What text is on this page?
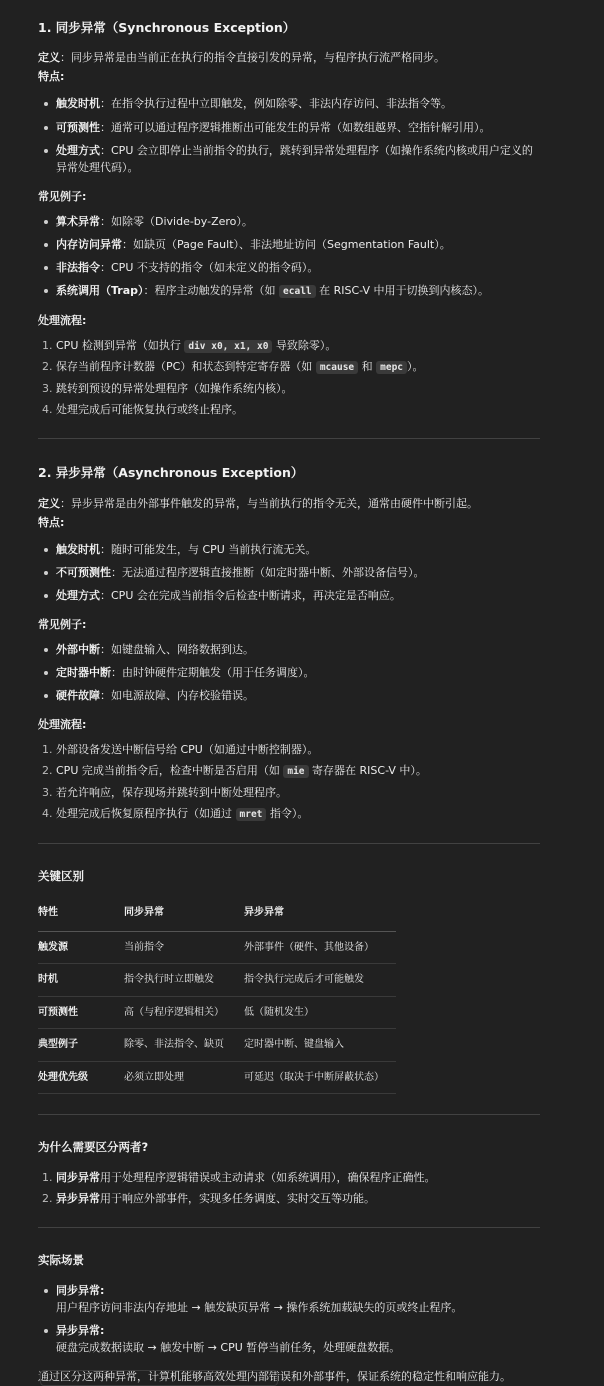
1. 同步异常（Synchronous Exception）

定义：同步异常是由当前正在执行的指令直接引发的异常，与程序执行流严格同步。

特点:

触发时机：在指令执行过程中立即触发，例如除零、非法内存访问、非法指令等。
可预测性：通常可以通过程序逻辑推断出可能发生的异常（如数组越界、空指针解引用）。
处理方式：CPU 会立即停止当前指令的执行，跳转到异常处理程序（如操作系统内核或用户定义的异常处理代码）。

常见例子:

算术异常：如除零（Divide-by-Zero）。
内存访问异常：如缺页（Page Fault）、非法地址访问（Segmentation Fault）。
非法指令：CPU 不支持的指令（如未定义的指令码）。
系统调用（Trap）：程序主动触发的异常（如 ecall 在 RISC-V 中用于切换到内核态）。

处理流程:

1. CPU 检测到异常（如执行 div x0, x1, x0 导致除零）。
2. 保存当前程序计数器（PC）和状态到特定寄存器（如 mcause 和 mepc ）。
3. 跳转到预设的异常处理程序（如操作系统内核）。
4. 处理完成后可能恢复执行或终止程序。
2. 异步异常（Asynchronous Exception）

定义：异步异常是由外部事件触发的异常，与当前执行的指令无关，通常由硬件中断引起。

特点:

触发时机：随时可能发生，与 CPU 当前执行流无关。
不可预测性：无法通过程序逻辑直接推断（如定时器中断、外部设备信号）。
处理方式：CPU 会在完成当前指令后检查中断请求，再决定是否响应。

常见例子:

外部中断：如键盘输入、网络数据到达。
定时器中断：由时钟硬件定期触发（用于任务调度）。
硬件故障：如电源故障、内存校验错误。

处理流程:

1. 外部设备发送中断信号给 CPU（如通过中断控制器）。
2. CPU 完成当前指令后，检查中断是否启用（如 mie 寄存器在 RISC-V 中）。
3. 若允许响应，保存现场并跳转到中断处理程序。
4. 处理完成后恢复原程序执行（如通过 mret 指令）。
关键区别
特性	同步异常	异步异常
触发源	当前指令	外部事件（硬件、其他设备）
时机	指令执行时立即触发	指令执行完成后才可能触发
可预测性	高（与程序逻辑相关）	低（随机发生）
典型例子	除零、非法指令、缺页	定时器中断、键盘输入
处理优先级	必须立即处理	可延迟（取决于中断屏蔽状态）
为什么需要区分两者?
1. 同步异常用于处理程序逻辑错误或主动请求（如系统调用），确保程序正确性。
2. 异步异常用于响应外部事件，实现多任务调度、实时交互等功能。
实际场景
同步异常:
用户程序访问非法内存地址 → 触发缺页异常 → 操作系统加载缺失的页或终止程序。
异步异常:
硬盘完成数据读取 → 触发中断 → CPU 暂停当前任务，处理硬盘数据。

通过区分这两种异常，计算机能够高效处理内部错误和外部事件，保证系统的稳定性和响应能力。
